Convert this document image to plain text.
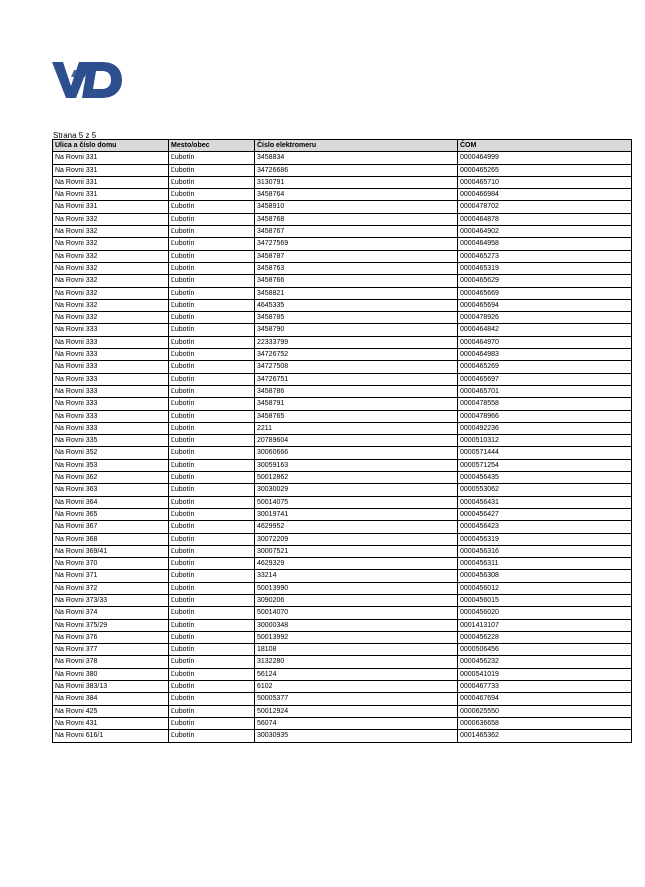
Strana 5 z 5
Ulica a číslo domu	Mesto/obec	Číslo elektromeru	ČOM
Na Rovni 331	Ľubotín	3458834	0000464999
Na Rovni 331	Ľubotín	34726686	0000465265
Na Rovni 331	Ľubotín	3130791	0000465710
Na Rovni 331	Ľubotín	3458764	0000466984
Na Rovni 331	Ľubotín	3458910	0000478702
Na Rovni 332	Ľubotín	3458768	0000464878
Na Rovni 332	Ľubotín	3458767	0000464902
Na Rovni 332	Ľubotín	34727569	0000464958
Na Rovni 332	Ľubotín	3458787	0000465273
Na Rovni 332	Ľubotín	3458763	0000465319
Na Rovni 332	Ľubotín	3458766	0000465629
Na Rovni 332	Ľubotín	3458821	0000465669
Na Rovni 332	Ľubotín	4645335	0000465694
Na Rovni 332	Ľubotín	3458785	0000478926
Na Rovni 333	Ľubotín	3458790	0000464842
Na Rovni 333	Ľubotín	22333799	0000464970
Na Rovni 333	Ľubotín	34726752	0000464983
Na Rovni 333	Ľubotín	34727508	0000465269
Na Rovni 333	Ľubotín	34726751	0000465697
Na Rovni 333	Ľubotín	3458786	0000465701
Na Rovni 333	Ľubotín	3458791	0000478558
Na Rovni 333	Ľubotín	3458765	0000478966
Na Rovni 333	Ľubotín	2211	0000492236
Na Rovni 335	Ľubotín	20789604	0000510312
Na Rovni 352	Ľubotín	30060666	0000571444
Na Rovni 353	Ľubotín	30059163	0000571254
Na Rovni 362	Ľubotín	50012862	0000456435
Na Rovni 363	Ľubotín	30030029	0000553062
Na Rovni 364	Ľubotín	50014075	0000456431
Na Rovni 365	Ľubotín	30019741	0000456427
Na Rovni 367	Ľubotín	4629952	0000456423
Na Rovni 368	Ľubotín	30072209	0000456319
Na Rovni 369/41	Ľubotín	30007521	0000456316
Na Rovni 370	Ľubotín	4629329	0000456311
Na Rovni 371	Ľubotín	33214	0000456308
Na Rovni 372	Ľubotín	50013990	0000456012
Na Rovni 373/33	Ľubotín	3090206	0000456015
Na Rovni 374	Ľubotín	50014070	0000456020
Na Rovni 375/29	Ľubotín	30000348	0001413107
Na Rovni 376	Ľubotín	50013992	0000456228
Na Rovni 377	Ľubotín	18108	0000506456
Na Rovni 378	Ľubotín	3132280	0000456232
Na Rovni 380	Ľubotín	56124	0000541019
Na Rovni 383/13	Ľubotín	6102	0000467733
Na Rovni 384	Ľubotín	50005377	0000467694
Na Rovni 425	Ľubotín	50012924	0000625550
Na Rovni 431	Ľubotín	56074	0000636658
Na Rovni 616/1	Ľubotín	30030935	0001465362
